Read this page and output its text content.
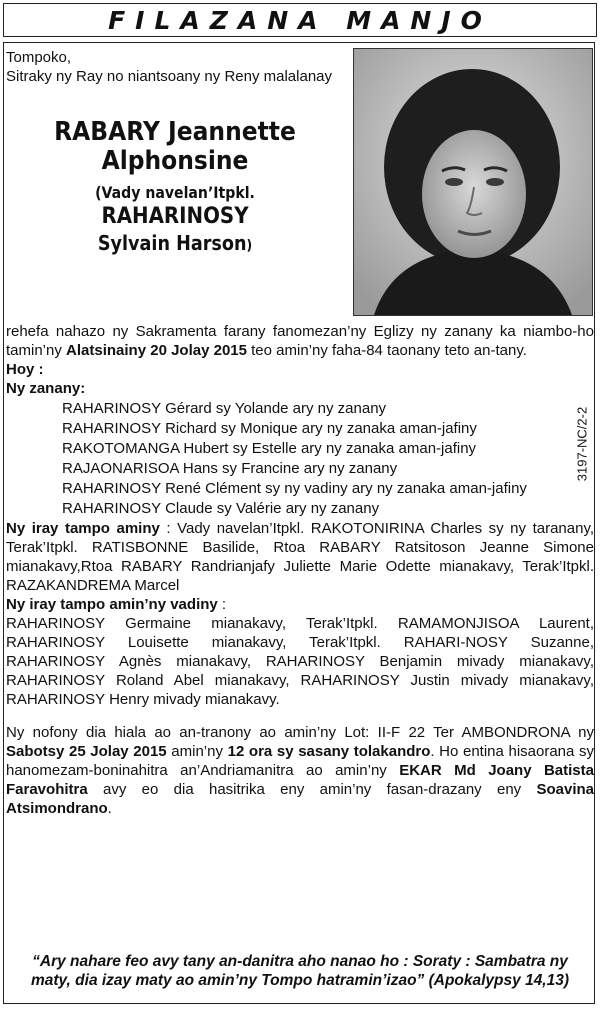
FILAZANA MANJO
Tompoko,
Sitraky ny Ray no niantsoany ny Reny malalanay
RABARY Jeannette
Alphonsine
(Vady navelan’Itpkl.
RAHARINOSY
Sylvain Harson)
3197-NC/2-2

rehefa nahazo ny Sakramenta farany fanomezan’ny Eglizy ny zanany ka niambo-ho tamin’ny Alatsinainy 20 Jolay 2015 teo amin’ny faha-84 taonany teto an-tany.

Hoy :
Ny zanany:
RAHARINOSY Gérard sy Yolande ary ny zanany
RAHARINOSY Richard sy Monique ary ny zanaka aman-jafiny
RAKOTOMANGA Hubert sy Estelle ary ny zanaka aman-jafiny
RAJAONARISOA Hans sy Francine ary ny zanany
RAHARINOSY René Clément sy ny vadiny ary ny zanaka aman-jafiny
RAHARINOSY Claude sy Valérie ary ny zanany

Ny iray tampo aminy : Vady navelan’Itpkl. RAKOTONIRINA Charles sy ny taranany, Terak’Itpkl. RATISBONNE Basilide, Rtoa RABARY Ratsitoson Jeanne Simone mianakavy,Rtoa RABARY Randrianjafy Juliette Marie Odette mianakavy, Terak’Itpkl. RAZAKANDREMA Marcel

Ny iray tampo amin’ny vadiny :

RAHARINOSY Germaine mianakavy, Terak’Itpkl. RAMAMONJISOA Laurent, RAHARINOSY Louisette mianakavy, Terak’Itpkl. RAHARI-NOSY Suzanne, RAHARINOSY Agnès mianakavy, RAHARINOSY Benjamin mivady mianakavy, RAHARINOSY Roland Abel mianakavy, RAHARINOSY Justin mivady mianakavy, RAHARINOSY Henry mivady mianakavy.

Ny nofony dia hiala ao an-tranony ao amin’ny Lot: II-F 22 Ter AMBONDRONA ny Sabotsy 25 Jolay 2015 amin’ny 12 ora sy sasany tolakandro. Ho entina hisaorana sy hanomezam-boninahitra an’Andriamanitra ao amin’ny EKAR Md Joany Batista Faravohitra avy eo dia hasitrika eny amin’ny fasan-drazany eny Soavina Atsimondrano.

“Ary nahare feo avy tany an-danitra aho nanao ho : Soraty : Sambatra ny
maty, dia izay maty ao amin’ny Tompo hatramin’izao” (Apokalypsy 14,13)
